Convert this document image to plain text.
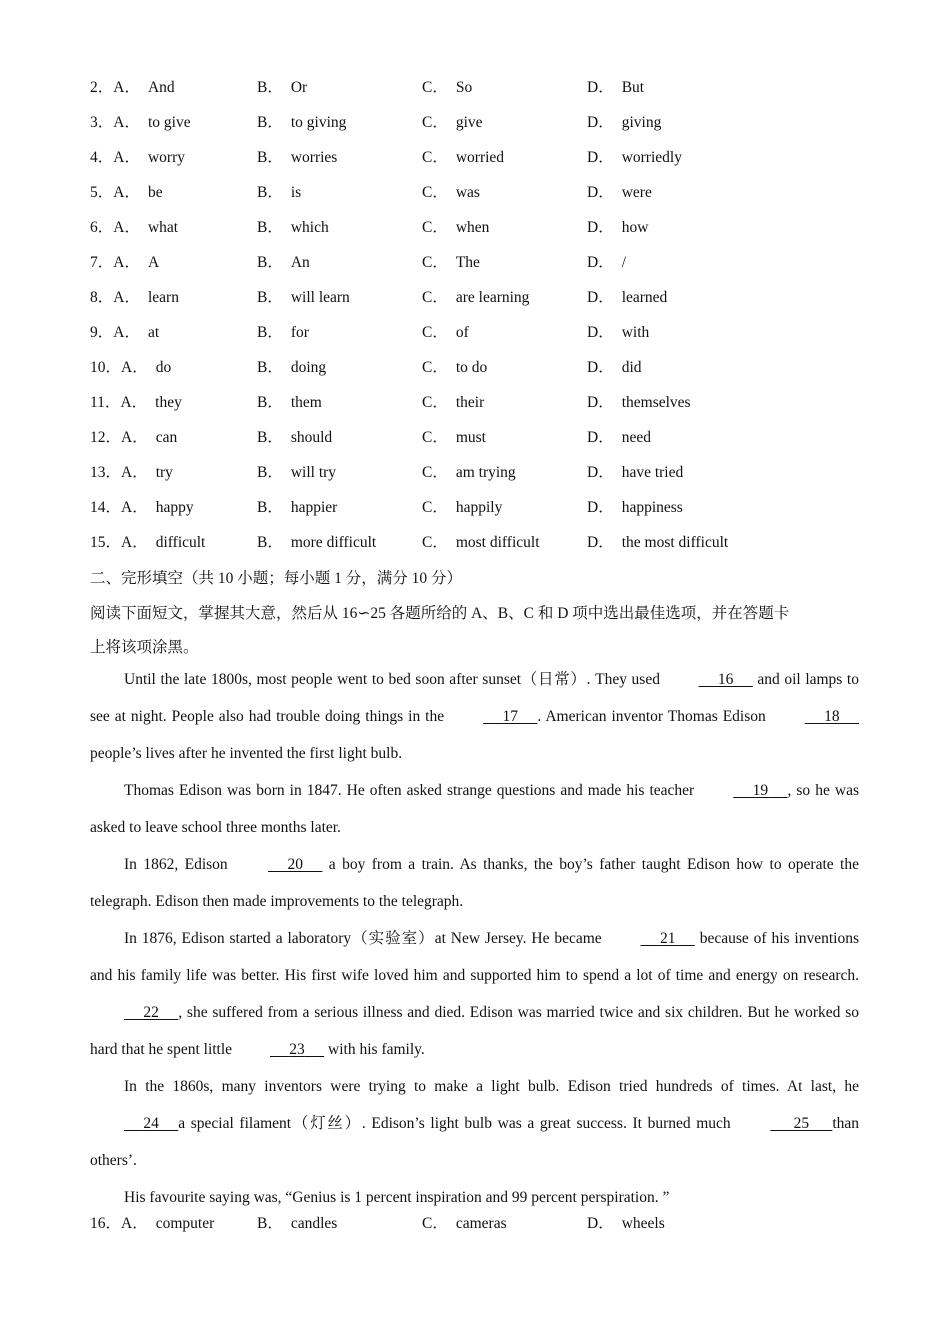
2．A． And	B． Or	C． So	D． But
3．A． to give	B． to giving	C． give	D． giving
4．A． worry	B． worries	C． worried	D． worriedly
5．A． be	B． is	C． was	D． were
6．A． what	B． which	C． when	D． how
7．A． A	B． An	C． The	D． /
8．A． learn	B． will learn	C． are learning	D． learned
9．A． at	B． for	C． of	D． with
10．A． do	B． doing	C． to do	D． did
11．A． they	B． them	C． their	D． themselves
12．A． can	B． should	C． must	D． need
13．A． try	B． will try	C． am trying	D． have tried
14．A． happy	B． happier	C． happily	D． happiness
15．A． difficult	B． more difficult	C． most difficult	D． the most difficult
二、完形填空（共 10 小题；每小题 1 分，满分 10 分）
阅读下面短文，掌握其大意，然后从 16∽25 各题所给的 A、B、C 和 D 项中选出最佳选项，并在答题卡
上将该项涂黑。

Until the late 1800s, most people went to bed soon after sunset（日常）. They used	16      and oil lamps to see at night. People also had trouble doing things in the	17 . American inventor Thomas Edison	18      people’s lives after he invented the first light bulb.

Thomas Edison was born in 1847. He often asked strange questions and made his teacher	19 , so he was asked to leave school three months later.

In 1862, Edison	20      a boy from a train. As thanks, the boy’s father taught Edison how to operate the telegraph. Edison then made improvements to the telegraph.

In 1876, Edison started a laboratory（实验室）at New Jersey. He became	21      because of his inventions and his family life was better. His first wife loved him and supported him to spend a lot of time and energy on research.      22 , she suffered from a serious illness and died. Edison was married twice and six children. But he worked so hard that he spent little	23      with his family.

In the 1860s, many inventors were trying to make a light bulb. Edison tried hundreds of times. At last, he      24 a special filament（灯丝）. Edison’s light bulb was a great success. It burned much	25 than others’.

His favourite saying was, “Genius is 1 percent inspiration and 99 percent perspiration. ”

16．A． computer	B． candles	C． cameras	D． wheels
